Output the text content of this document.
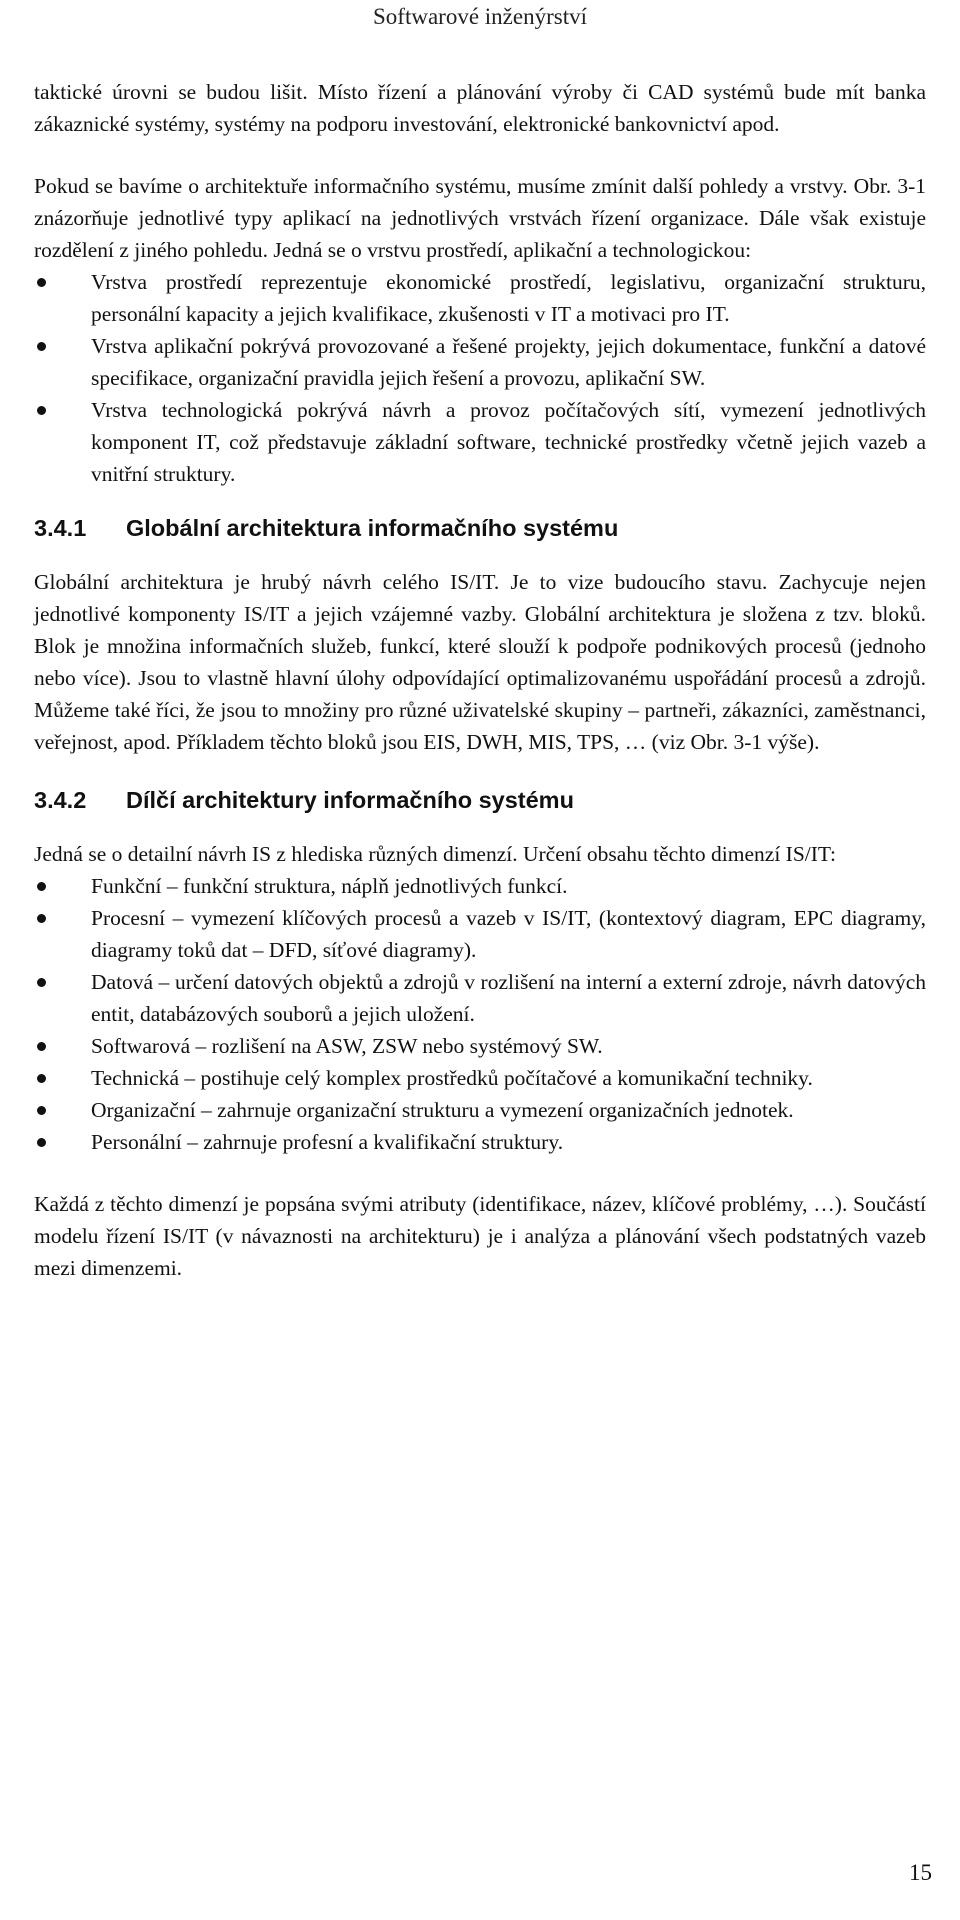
Softwarové inženýrství

taktické úrovni se budou lišit. Místo řízení a plánování výroby či CAD systémů bude mít banka zákaznické systémy, systémy na podporu investování, elektronické bankovnictví apod.

Pokud se bavíme o architektuře informačního systému, musíme zmínit další pohledy a vrstvy. Obr. 3-1 znázorňuje jednotlivé typy aplikací na jednotlivých vrstvách řízení organizace. Dále však existuje rozdělení z jiného pohledu. Jedná se o vrstvu prostředí, aplikační a technologickou:

Vrstva prostředí reprezentuje ekonomické prostředí, legislativu, organizační strukturu, personální kapacity a jejich kvalifikace, zkušenosti v IT a motivaci pro IT.
Vrstva aplikační pokrývá provozované a řešené projekty, jejich dokumentace, funkční a datové specifikace, organizační pravidla jejich řešení a provozu, aplikační SW.
Vrstva technologická pokrývá návrh a provoz počítačových sítí, vymezení jednotlivých komponent IT, což představuje základní software, technické prostředky včetně jejich vazeb a vnitřní struktury.
3.4.1	Globální architektura informačního systému

Globální architektura je hrubý návrh celého IS/IT. Je to vize budoucího stavu. Zachycuje nejen jednotlivé komponenty IS/IT a jejich vzájemné vazby. Globální architektura je složena z tzv. bloků. Blok je množina informačních služeb, funkcí, které slouží k podpoře podnikových procesů (jednoho nebo více). Jsou to vlastně hlavní úlohy odpovídající optimalizovanému uspořádání procesů a zdrojů. Můžeme také říci, že jsou to množiny pro různé uživatelské skupiny – partneři, zákazníci, zaměstnanci, veřejnost, apod. Příkladem těchto bloků jsou EIS, DWH, MIS, TPS, … (viz Obr. 3-1 výše).

3.4.2	Dílčí architektury informačního systému

Jedná se o detailní návrh IS z hlediska různých dimenzí. Určení obsahu těchto dimenzí IS/IT:

Funkční – funkční struktura, náplň jednotlivých funkcí.
Procesní – vymezení klíčových procesů a vazeb v IS/IT, (kontextový diagram, EPC diagramy, diagramy toků dat – DFD, síťové diagramy).
Datová – určení datových objektů a zdrojů v rozlišení na interní a externí zdroje, návrh datových entit, databázových souborů a jejich uložení.
Softwarová – rozlišení na ASW, ZSW nebo systémový SW.
Technická – postihuje celý komplex prostředků počítačové a komunikační techniky.
Organizační – zahrnuje organizační strukturu a vymezení organizačních jednotek.
Personální – zahrnuje profesní a kvalifikační struktury.

Každá z těchto dimenzí je popsána svými atributy (identifikace, název, klíčové problémy, …). Součástí modelu řízení IS/IT (v návaznosti na architekturu) je i analýza a plánování všech podstatných vazeb mezi dimenzemi.

15
